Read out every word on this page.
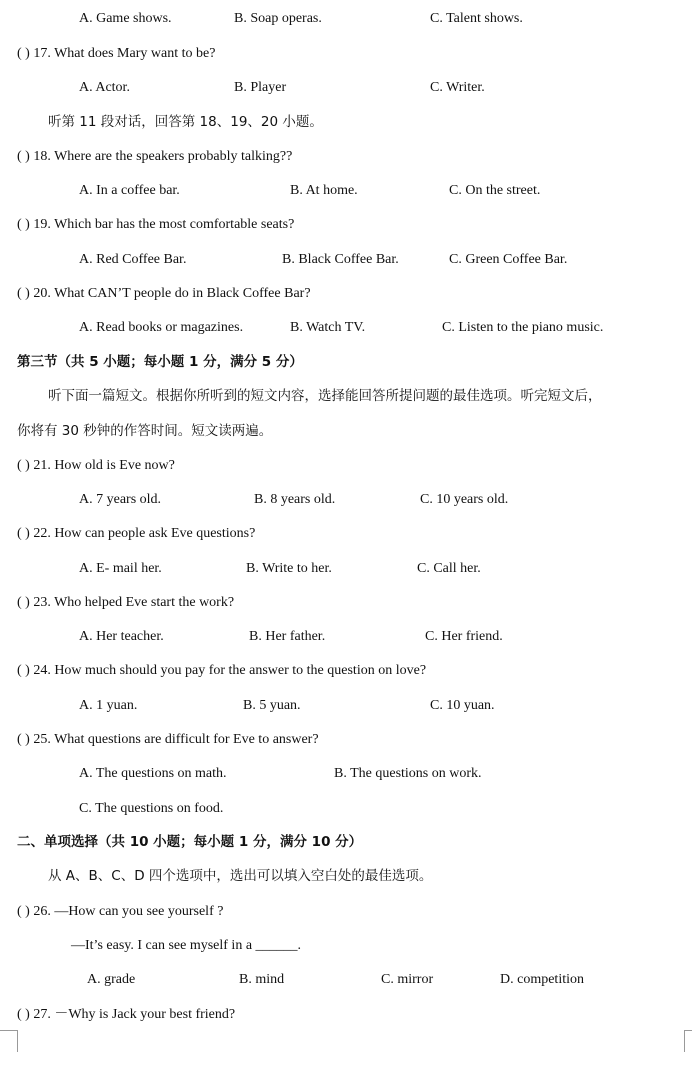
A. Game shows.	B. Soap operas.	C. Talent shows.
( ) 17. What does Mary want to be?
A. Actor.	B. Player	C. Writer.
听第 11 段对话，回答第 18、19、20 小题。
( ) 18. Where are the speakers probably talking??
A. In a coffee bar.	B. At home.	C. On the street.
( ) 19. Which bar has the most comfortable seats?
A. Red Coffee Bar.	B. Black Coffee Bar.	C. Green Coffee Bar.
( ) 20. What CAN’T people do in Black Coffee Bar?
A. Read books or magazines.	B. Watch TV.	C. Listen to the piano music.
第三节（共 5 小题；每小题 1 分，满分 5 分）
听下面一篇短文。根据你所听到的短文内容，选择能回答所提问题的最佳选项。听完短文后，
你将有 30 秒钟的作答时间。短文读两遍。
( ) 21. How old is Eve now?
A. 7 years old.	B. 8 years old.	C. 10 years old.
( ) 22. How can people ask Eve questions?
A. E- mail her.	B. Write to her.	C. Call her.
( ) 23. Who helped Eve start the work?
A. Her teacher.	B. Her father.	C. Her friend.
( ) 24. How much should you pay for the answer to the question on love?
A. 1 yuan.	B. 5 yuan.	C. 10 yuan.
( ) 25. What questions are difficult for Eve to answer?
A. The questions on math.	B. The questions on work.
C. The questions on food.
二、单项选择（共 10 小题；每小题 1 分，满分 10 分）
从 A、B、C、D 四个选项中，选出可以填入空白处的最佳选项。
( ) 26. —How can you see yourself ?
—It’s easy. I can see myself in a ______.
A. grade	B. mind	C. mirror	D. competition
( ) 27. －Why is Jack your best friend?
